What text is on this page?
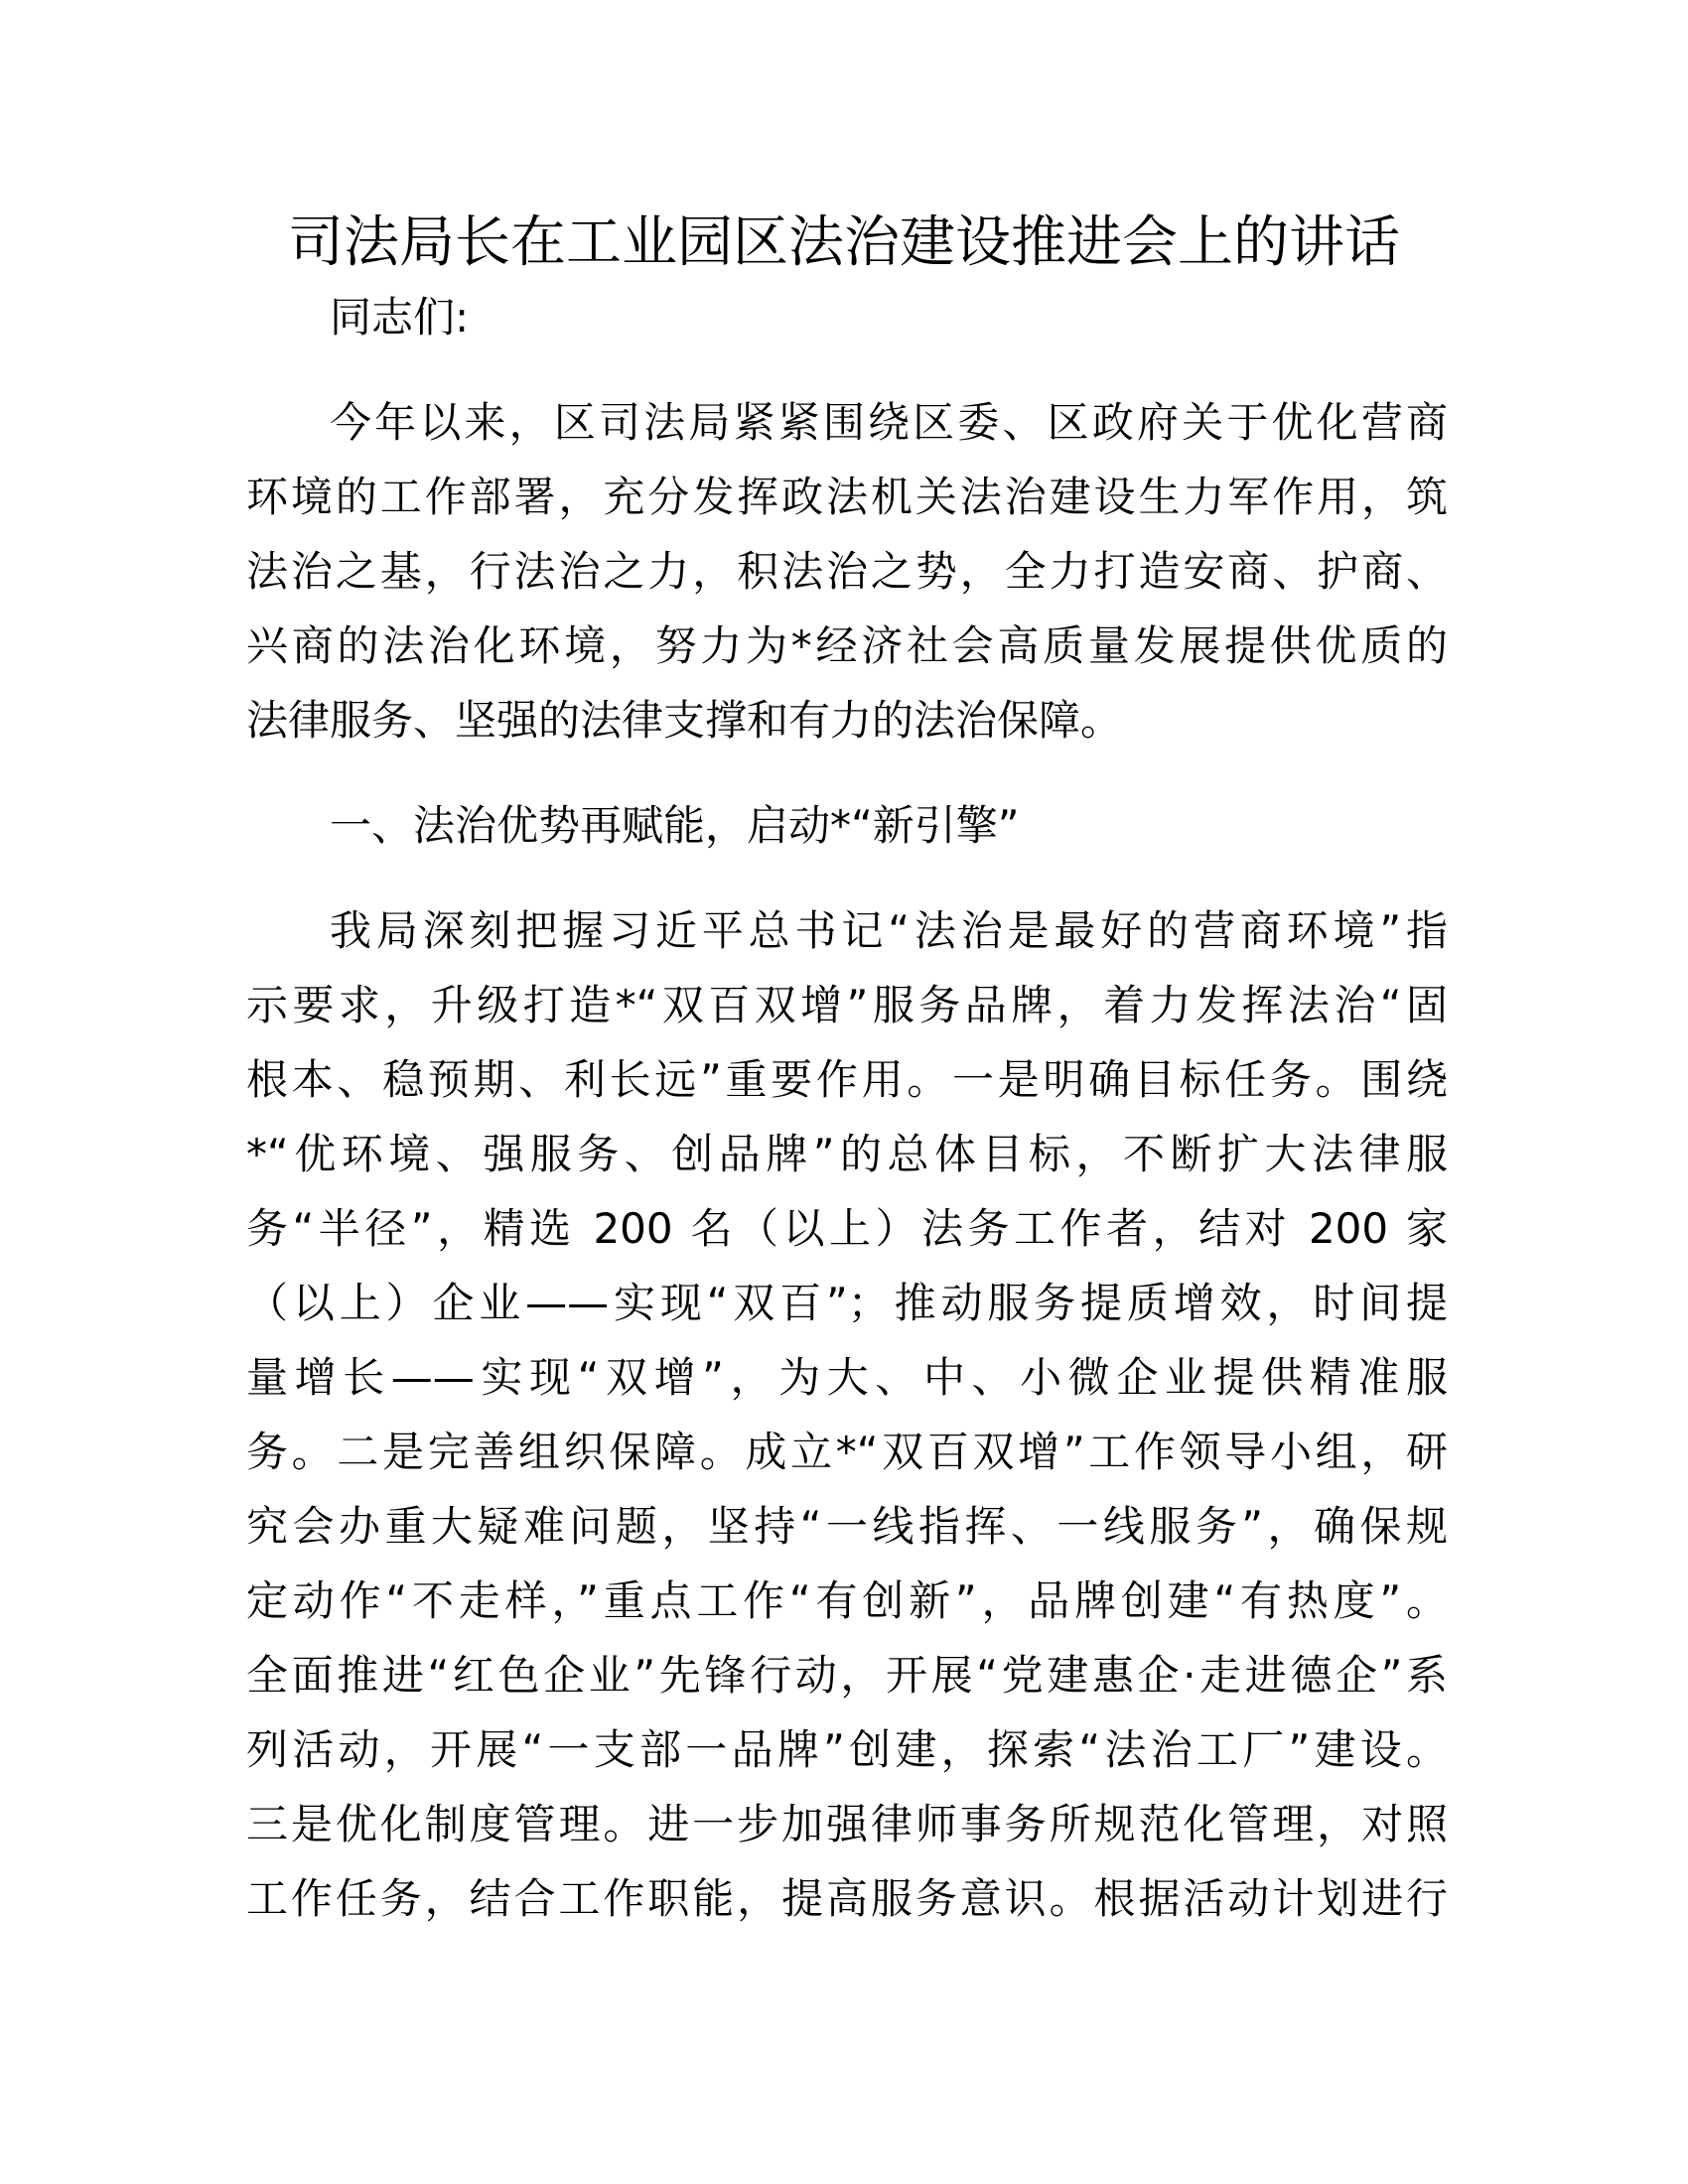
司法局长在工业园区法治建设推进会上的讲话
同志们:
今年以来，区司法局紧紧围绕区委、区政府关于优化营商
环境的工作部署，充分发挥政法机关法治建设生力军作用，筑
法治之基，行法治之力，积法治之势，全力打造安商、护商、
兴商的法治化环境，努力为*经济社会高质量发展提供优质的
法律服务、坚强的法律支撑和有力的法治保障。
一、法治优势再赋能，启动*“新引擎”
我局深刻把握习近平总书记“法治是最好的营商环境”指
示要求，升级打造*“双百双增”服务品牌，着力发挥法治“固
根本、稳预期、利长远”重要作用。一是明确目标任务。围绕
*“优环境、强服务、创品牌”的总体目标，不断扩大法律服
务“半径”，精选 200 名（以上）法务工作者，结对 200 家
（以上）企业——实现“双百”；推动服务提质增效，时间提
量增长——实现“双增”，为大、中、小微企业提供精准服
务。二是完善组织保障。成立*“双百双增”工作领导小组，研
究会办重大疑难问题，坚持“一线指挥、一线服务”，确保规
定动作“不走样，”重点工作“有创新”，品牌创建“有热度”。
全面推进“红色企业”先锋行动，开展“党建惠企·走进德企”系
列活动，开展“一支部一品牌”创建，探索“法治工厂”建设。
三是优化制度管理。进一步加强律师事务所规范化管理，对照
工作任务，结合工作职能，提高服务意识。根据活动计划进行
